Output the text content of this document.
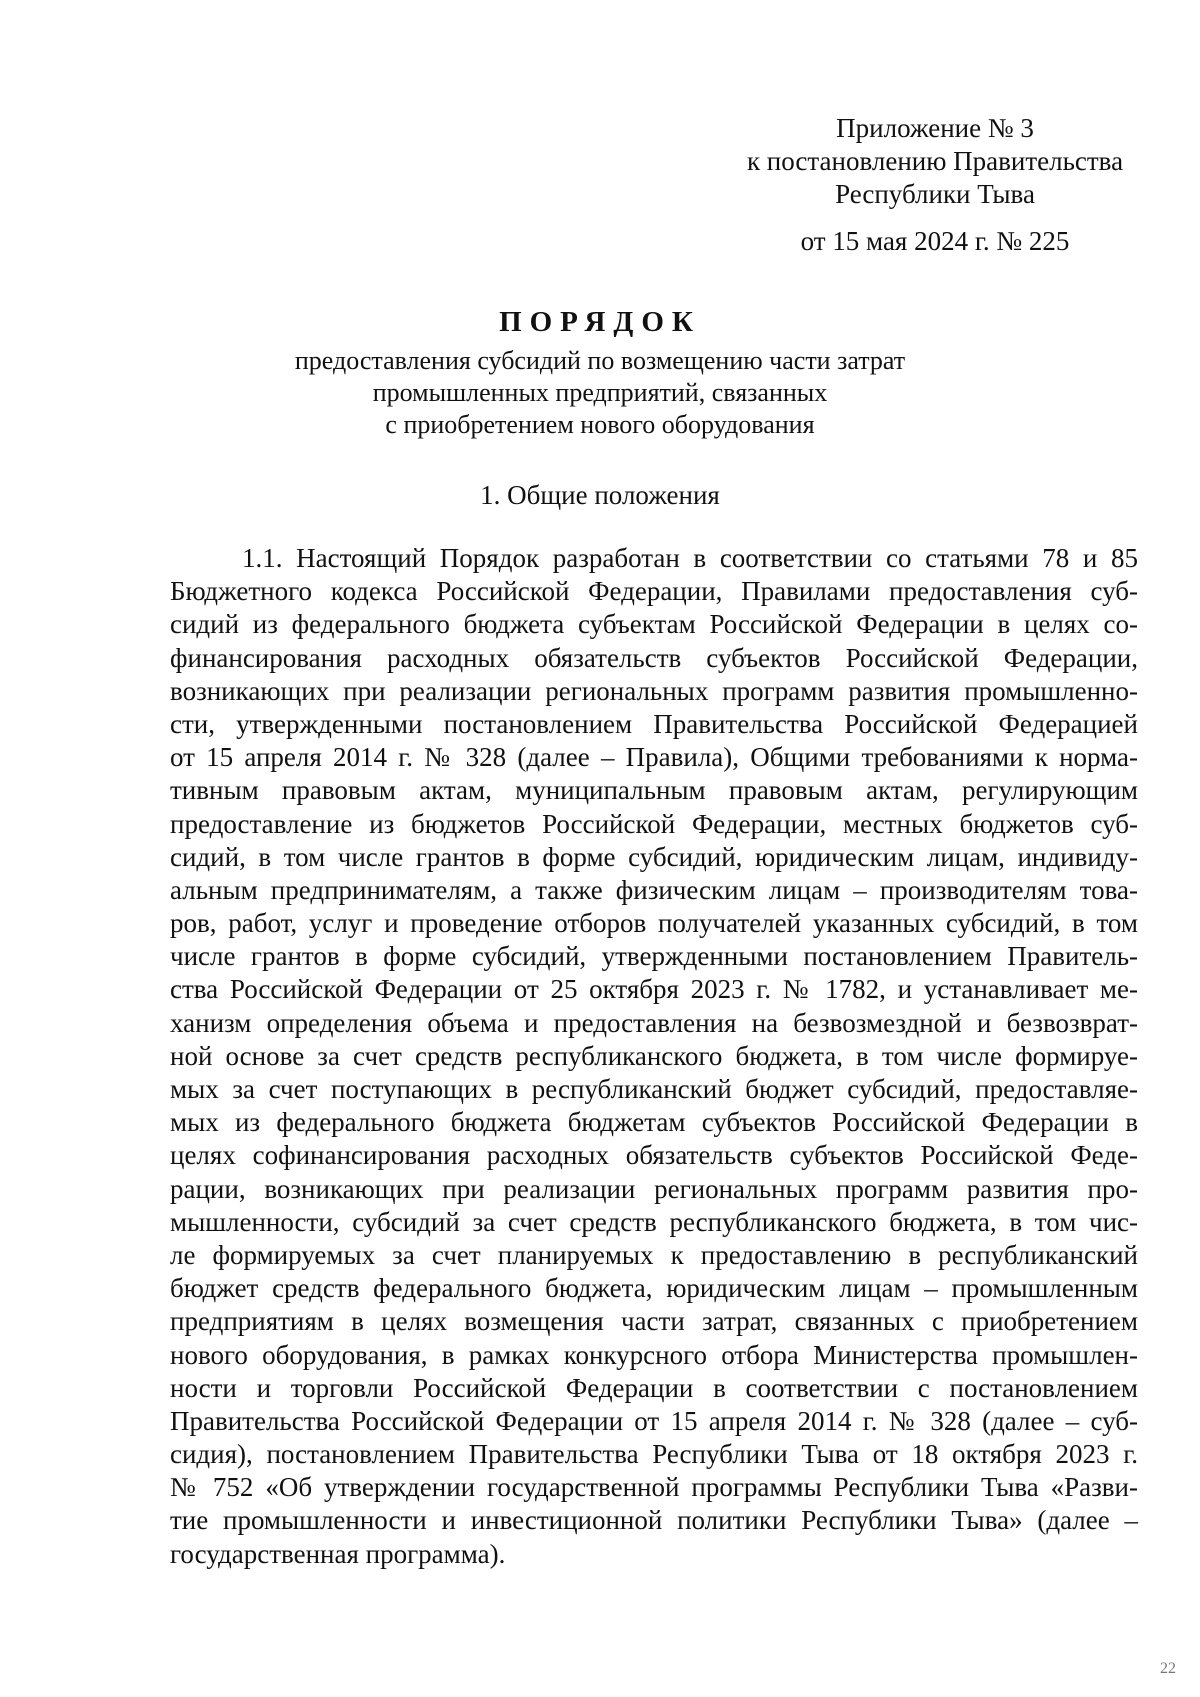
Приложение № 3
к постановлению Правительства
Республики Тыва
от 15 мая 2024 г. № 225
ПОРЯДОК
предоставления субсидий по возмещению части затрат
промышленных предприятий, связанных
с приобретением нового оборудования
1. Общие положения
1.1. Настоящий Порядок разработан в соответствии со статьями 78 и 85
Бюджетного кодекса Российской Федерации, Правилами предоставления суб-
сидий из федерального бюджета субъектам Российской Федерации в целях со-
финансирования расходных обязательств субъектов Российской Федерации,
возникающих при реализации региональных программ развития промышленно-
сти, утвержденными постановлением Правительства Российской Федерацией
от 15 апреля 2014 г. № 328 (далее – Правила), Общими требованиями к норма-
тивным правовым актам, муниципальным правовым актам, регулирующим
предоставление из бюджетов Российской Федерации, местных бюджетов суб-
сидий, в том числе грантов в форме субсидий, юридическим лицам, индивиду-
альным предпринимателям, а также физическим лицам – производителям това-
ров, работ, услуг и проведение отборов получателей указанных субсидий, в том
числе грантов в форме субсидий, утвержденными постановлением Правитель-
ства Российской Федерации от 25 октября 2023 г. № 1782, и устанавливает ме-
ханизм определения объема и предоставления на безвозмездной и безвозврат-
ной основе за счет средств республиканского бюджета, в том числе формируе-
мых за счет поступающих в республиканский бюджет субсидий, предоставляе-
мых из федерального бюджета бюджетам субъектов Российской Федерации в
целях софинансирования расходных обязательств субъектов Российской Феде-
рации, возникающих при реализации региональных программ развития про-
мышленности, субсидий за счет средств республиканского бюджета, в том чис-
ле формируемых за счет планируемых к предоставлению в республиканский
бюджет средств федерального бюджета, юридическим лицам – промышленным
предприятиям в целях возмещения части затрат, связанных с приобретением
нового оборудования, в рамках конкурсного отбора Министерства промышлен-
ности и торговли Российской Федерации в соответствии с постановлением
Правительства Российской Федерации от 15 апреля 2014 г. № 328 (далее – суб-
сидия), постановлением Правительства Республики Тыва от 18 октября 2023 г.
№ 752 «Об утверждении государственной программы Республики Тыва «Разви-
тие промышленности и инвестиционной политики Республики Тыва» (далее –
государственная программа).
22
